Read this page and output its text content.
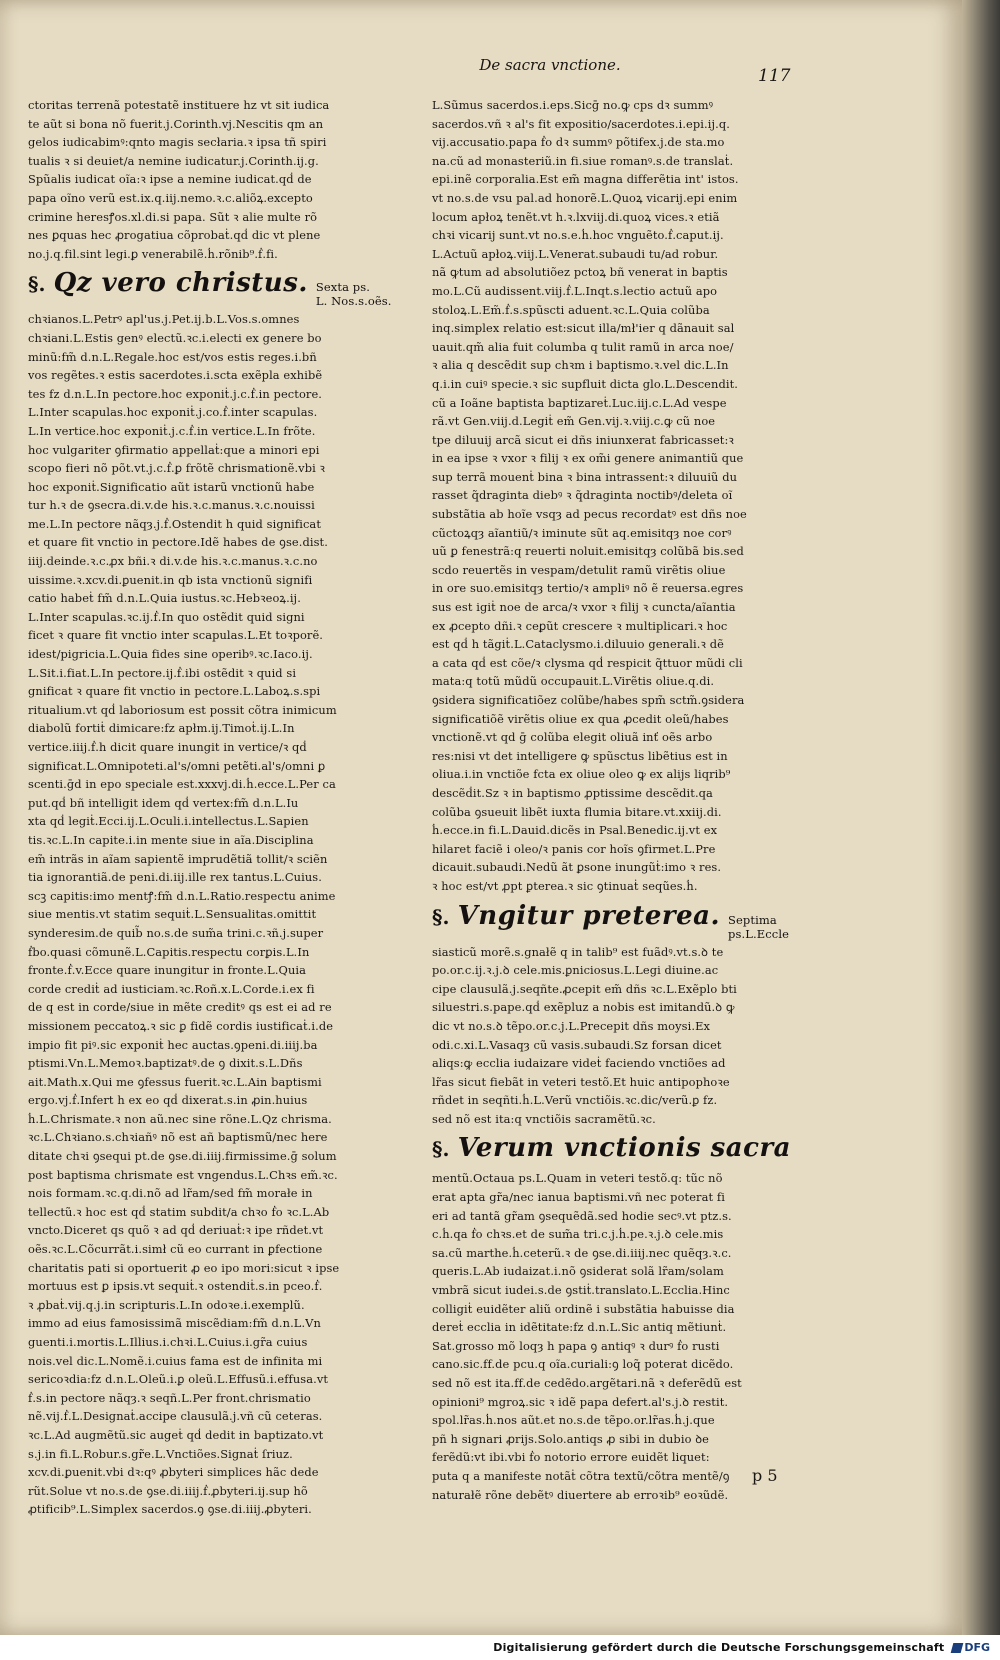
De sacra vnctione.
117
ctoritas terrenã potestatẽ instituere hz vt sit iudica
te aũt si bona nõ fuerit.j.Corinth.vj.Nescitis qm an
gelos iudicabimꝰ:qnto magis secłaria.ꝛ ipsa tñ spiri
tualis ꝛ si deuiet/a nemine iudicatur.j.Corinth.ij.g.
Spũalis iudicat oĩa:ꝛ ipse a nemine iudicat.qḋ de
papa oĩno verũ est.ix.q.iij.nemo.ꝛ.c.aliõꝝ.excepto
crimine heresꝭos.xl.di.si papa. Sũt ꝛ alie multe rõ
nes ꝑquas hec ꝓrogatiua cõprobaṫ.qḋ dic vt plene
no.j.q.fil.sint legi.ꝑ venerabilẽ.ḣ.rõnib⁹.ḟ.fi.
§. Qz vero christus. Sexta ps.
L. Nos.s.oẽs.
chꝛianos.L.Petrꝰ apl'us.j.Pet.ij.b.L.Vos.s.omnes
chꝛiani.L.Estis genꝰ electũ.ꝛc.i.electi ex genere bo
minũ:fm̃ d.n.L.Regale.hoc est/vos estis reges.i.bñ
vos regẽtes.ꝛ estis sacerdotes.i.scta exẽpla exhibẽ
tes fz d.n.L.In pectore.hoc exponiṫ.j.c.ḟ.in pectore.
L.Inter scapulas.hoc exponiṫ.j.co.ḟ.inter scapulas.
L.In vertice.hoc exponiṫ.j.c.ḟ.in vertice.L.In frõte.
hoc vulgariter ꝯfirmatio appellaṫ:que a minori epi
scopo fieri nõ põt.vt.j.c.ḟ.ꝑ frõtẽ chrismationẽ.vbi ꝛ
hoc exponiṫ.Significatio aũt istarũ vnctionũ habe
tur h.ꝛ de ꝯsecra.di.v.de his.ꝛ.c.manus.ꝛ.c.nouissi
me.L.In pectore nãqȝ.j.ḟ.Ostendit h quid significat
et quare fit vnctio in pectore.Idẽ habes de ꝯse.dist.
iiij.deinde.ꝛ.c.ꝓx bñi.ꝛ di.v.de his.ꝛ.c.manus.ꝛ.c.no
uissime.ꝛ.xcv.di.ꝑuenit.in qb ista vnctionũ signifi
catio habeṫ fm̃ d.n.L.Quia iustus.ꝛc.Hebꝛeoꝝ.ij.
L.Inter scapulas.ꝛc.ij.ḟ.In quo ostẽdit quid signi
ficet ꝛ quare fit vnctio inter scapulas.L.Et toꝛporẽ.
idest/pigricia.L.Quia fides sine operibꝰ.ꝛc.Iaco.ij.
L.Sit.i.fiat.L.In pectore.ij.ḟ.ibi ostẽdit ꝛ quid si
gnificat ꝛ quare fit vnctio in pectore.L.Laboꝝ.s.spi
ritualium.vt qḋ laboriosum est possit cõtra inimicum
diabolũ fortiṫ dimicare:fz apłm.ij.Timoṫ.ij.L.In
vertice.iiij.ḟ.h dicit quare inungit in vertice/ꝛ qḋ
significat.L.Omnipoteti.al's/omni petẽti.al's/omni ꝑ
scenti.ḡd in epo speciale est.xxxvj.di.ḣ.ecce.L.Per ca
put.qḋ bñ intelligit idem qḋ vertex:fm̃ d.n.L.Iu
xta qḋ legiṫ.Ecci.ij.L.Oculi.i.intellectus.L.Sapien
tis.ꝛc.L.In capite.i.in mente siue in aĩa.Disciplina
em̃ intrãs in aĩam sapientẽ imprudẽtiã tollit/ꝛ sciẽn
tia ignorantiã.de peni.di.iij.ille rex tantus.L.Cuius.
scꝫ capitis:imo mentꝭ:fm̃ d.n.L.Ratio.respectu anime
siue mentis.vt statim sequiṫ.L.Sensualitas.omittit
synderesim.de quib̃ no.s.de sum̃a trini.c.ꝛñ.j.super
ḟbo.quasi cõmunẽ.L.Capitis.respectu corꝑis.L.In
fronte.ḟ.v.Ecce quare inungitur in fronte.L.Quia
corde crediṫ ad iusticiam.ꝛc.Roñ.x.L.Corde.i.ex fi
de q est in corde/siue in mẽte creditꝰ qs est ei ad re
missionem peccatoꝝ.ꝛ sic ꝑ fidẽ cordis iustificaṫ.i.de
impio fit piꝰ.sic exponiṫ hec auctas.ꝯpeni.di.iiij.ba
ptismi.Vn.L.Memoꝛ.baptizatꝰ.de ꝯ dixit.s.L.Dñs
ait.Math.x.Qui me ꝯfessus fuerit.ꝛc.L.Ain baptismi
ergo.vj.ḟ.Infert h ex eo qḋ dixerat.s.in ꝓin.huius
ḣ.L.Chrismate.ꝛ non aũ.nec sine rõne.L.Qz chrisma.
ꝛc.L.Chꝛiano.s.chꝛiañꝰ nõ est añ baptismũ/nec here
ditate chꝛi ꝯsequi pt.de ꝯse.di.iiij.firmissime.ḡ solum
post baptisma chrismate est vngendus.L.Chꝛs em̃.ꝛc.
nois formam.ꝛc.q.di.nõ ad lr̃am/sed fm̃ morałe in
tellectũ.ꝛ hoc est qḋ statim subdit/a chꝛo ḟo ꝛc.L.Ab
vncto.Diceret qs quõ ꝛ ad qḋ deriuaṫ:ꝛ ipe rñdet.vt
oẽs.ꝛc.L.Cõcurrãt.i.simł cũ eo currant in ꝑfectione
charitatis pati si oportuerit ꝓ eo ipo mori:sicut ꝛ ipse
mortuus est ꝑ ipsis.vt sequiṫ.ꝛ ostendiṫ.s.in pceo.ḟ.
ꝛ ꝓbaṫ.vij.q.j.in scripturis.L.In odoꝛe.i.exemplũ.
immo ad eius famosissimã miscẽdiam:fm̃ d.n.L.Vn
guenti.i.mortis.L.Illius.i.chꝛi.L.Cuius.i.gr̃a cuius
nois.vel dic.L.Nomẽ.i.cuius fama est de infinita mi
sericoꝛdia:fz d.n.L.Oleũ.i.ꝑ oleũ.L.Effusũ.i.effusa.vt
ḟ.s.in pectore nãqȝ.ꝛ seqñ.L.Per front.chrismatio
nẽ.vij.ḟ.L.Designaṫ.accipe clausulã.j.vñ cũ ceteras.
ꝛc.L.Ad augmẽtũ.sic augeṫ qḋ dedit in baptizato.vt
s.j.in fi.L.Robur.s.gr̃e.L.Vnctiões.Signaṫ ſriuz.
xcv.di.ꝑuenit.vbi dꝛ:qꝰ ꝓbyteri simplices hãc dede
rũt.Solue vt no.s.de ꝯse.di.iiij.ḟ.ꝓbyteri.ij.sup hõ
ꝓtificib⁹.L.Simplex sacerdos.ꝯ ꝯse.di.iiij.ꝓbyteri.
L.Sũmus sacerdos.i.eps.Sicḡ no.ꝙ cps dꝛ summꝰ
sacerdos.vñ ꝛ al's fit expositio/sacerdotes.i.epi.ij.q.
vij.accusatio.papa ḟo dꝛ summꝰ põtifex.j.de sta.mo
na.cũ ad monasteriũ.in fi.siue romanꝰ.s.de translaṫ.
epi.inẽ corporalia.Est em̃ magna differẽtia int' istos.
vt no.s.de vsu pal.ad honorẽ.L.Quoꝝ vicarij.epi enim
locum apłoꝝ tenẽt.vt h.ꝛ.lxviij.di.quoꝝ vices.ꝛ etiã
chꝛi vicarij sunt.vt no.s.e.ḣ.hoc vnguẽto.ḟ.caput.ij.
L.Actuũ apłoꝝ.viij.L.Venerat.subaudi tu/ad robur.
nã ꝙtum ad absolutiõez pctoꝝ bñ venerat in baptis
mo.L.Cũ audissent.viij.ḟ.L.Inqt.s.lectio actuũ apo
stoloꝝ.L.Em̃.ḟ.s.spũscti aduent.ꝛc.L.Quia colũba
inq.simplex relatio est:sicut illa/mł'ier q dãnauit sal
uauit.qm̃ alia fuit columba q tulit ramũ in arca noe/
ꝛ alia q descẽdit sup chꝛm i baptismo.ꝛ.vel dic.L.In
q.i.in cuiꝰ specie.ꝛ sic supfluit dicta glo.L.Descendit.
cũ a Ioãne baptista baptizareṫ.Luc.iij.c.L.Ad vespe
rã.vt Gen.viij.d.Legiṫ em̃ Gen.vij.ꝛ.viij.c.ꝙ cũ noe
tpe diluuij arcã sicut ei dñs iniunxerat fabricasset:ꝛ
in ea ipse ꝛ vxor ꝛ filij ꝛ ex om̃i genere animantiũ que
sup terrã mouenṫ bina ꝛ bina intrassent:ꝛ diluuiũ du
rasset q̃draginta diebꝰ ꝛ q̃draginta noctibꝰ/deleta oĩ
substãtia ab hoĩe vsqȝ ad pecus recordatꝰ est dñs noe
cũctoꝝqȝ aĩantiũ/ꝛ iminute sũt aq.emisitqȝ noe corꝰ
uũ ꝑ fenestrã:q reuerti noluit.emisitqȝ colũbã bis.sed
scdo reuertẽs in vespam/detulit ramũ virẽtis oliue
in ore suo.emisitqȝ tertio/ꝛ ampliꝰ nõ ẽ reuersa.egres
sus est igiṫ noe de arca/ꝛ vxor ꝛ filij ꝛ cuncta/aĩantia
ex ꝓcepto dñi.ꝛ ceꝑũt crescere ꝛ multiplicari.ꝛ hoc
est qḋ h tãgiṫ.L.Cataclysmo.i.diluuio generali.ꝛ dẽ
a cata qḋ est cõe/ꝛ clysma qḋ respicit q̃ttuor mũdi cli
mata:q totũ mũdũ occupauit.L.Virẽtis oliue.q.di.
ꝯsidera significatiõez colũbe/habes spm̃ sctm̃.ꝯsidera
significatiõẽ virẽtis oliue ex qua ꝓcedit oleũ/habes
vnctionẽ.vt qd ḡ colũba elegit oliuã inť oẽs arbo
res:nisi vt det intelligere ꝙ spũsctus libẽtius est in
oliua.i.in vnctiõe fcta ex oliue oleo ꝙ ex alijs liqrib⁹
descẽḋit.Sz ꝛ in baptismo ꝓptissime descẽdit.qa
colũba ꝯsueuit libẽt iuxta flumia bitare.vt.xxiij.di.
ḣ.ecce.in fi.L.Dauid.dicẽs in Psal.Benedic.ij.vt ex
hilaret faciẽ i oleo/ꝛ panis cor hoĩs ꝯfirmet.L.Pre
dicauit.subaudi.Nedũ ãt ꝑsone inungũṫ:imo ꝛ res.
ꝛ hoc est/vt ꝓpt ꝑterea.ꝛ sic ꝯtinuaṫ seqũes.ḣ.
§. Vngitur preterea. Septima
ps.L.Eccle
siasticũ morẽ.s.gnałẽ q in talib⁹ est fuãdꝰ.vt.s.ꝺ te
po.or.c.ij.ꝛ.j.ꝺ cele.mis.ꝑniciosus.L.Legi diuine.ac
cipe clausulã.j.seqñte.ꝓcepit em̃ dñs ꝛc.L.Exẽplo bti
siluestri.s.pape.qḋ exẽpluz a nobis est imitandũ.ꝺ ꝙ
dic vt no.s.ꝺ tẽpo.or.c.j.L.Precepit dñs moysi.Ex
odi.c.xi.L.Vasaqȝ cũ vasis.subaudi.Sz forsan dicet
aliqs:ꝙ ecclia iudaizare videṫ faciendo vnctiões ad
lr̃as sicut fiebãt in veteri testõ.Et huic antipophoꝛe
rñdet in seqñti.ḣ.L.Verũ vnctiõis.ꝛc.dic/verũ.ꝑ fz.
sed nõ est ita:q vnctiõis sacramẽtũ.ꝛc.
§. Verum vnctionis sacra
mentũ.Octaua ps.L.Quam in veteri testõ.q: tũc nõ
erat apta gr̃a/nec ianua baptismi.vñ nec poterat fi
eri ad tantã gr̃am ꝯsequẽdã.sed hodie secꝰ.vt ptz.s.
c.ḣ.qa ḟo chꝛs.et de sum̃a tri.c.j.ḣ.pe.ꝛ.j.ꝺ cele.mis
sa.cũ marthe.ḣ.ceterũ.ꝛ de ꝯse.di.iiij.nec quẽqȝ.ꝛ.c.
queris.L.Ab iudaizat.i.nõ ꝯsiderat solã lr̃am/solam
vmbrã sicut iudei.s.de ꝯstiṫ.translato.L.Ecclia.Hinc
colligiṫ euidẽter aliũ ordinẽ i substãtia habuisse dia
dereṫ ecclia in idẽtitate:fz d.n.L.Sic antiq mẽtiunṫ.
Sat.grosso mõ loqȝ h papa ꝯ antiqꝰ ꝛ durꝰ ḟo rusti
cano.sic.ff.de pcu.q oĩa.curiali:ꝯ loq̃ poterat dicẽdo.
sed nõ est ita.ff.de cedẽdo.argẽtari.nã ꝛ deferẽdũ est
opinioni⁹ mgroꝝ.sic ꝛ idẽ papa defert.al's.j.ꝺ restit.
spol.lr̃as.ḣ.nos aũt.et no.s.de tẽpo.or.lr̃as.ḣ.j.que
pñ h signari ꝓrijs.Solo.antiqs ꝓ sibi in dubio ꝺe
ferẽdũ:vt ibi.vbi ḟo notorio errore euidẽt liquet:
puta q a manifeste notãṫ cõtra textũ/cõtra mentẽ/ꝯ
naturałẽ rõne debẽtꝰ diuertere ab erroꝛib⁹ eoꝛũdẽ.
p 5
Digitalisierung gefördert durch die Deutsche Forschungsgemeinschaft DFG
